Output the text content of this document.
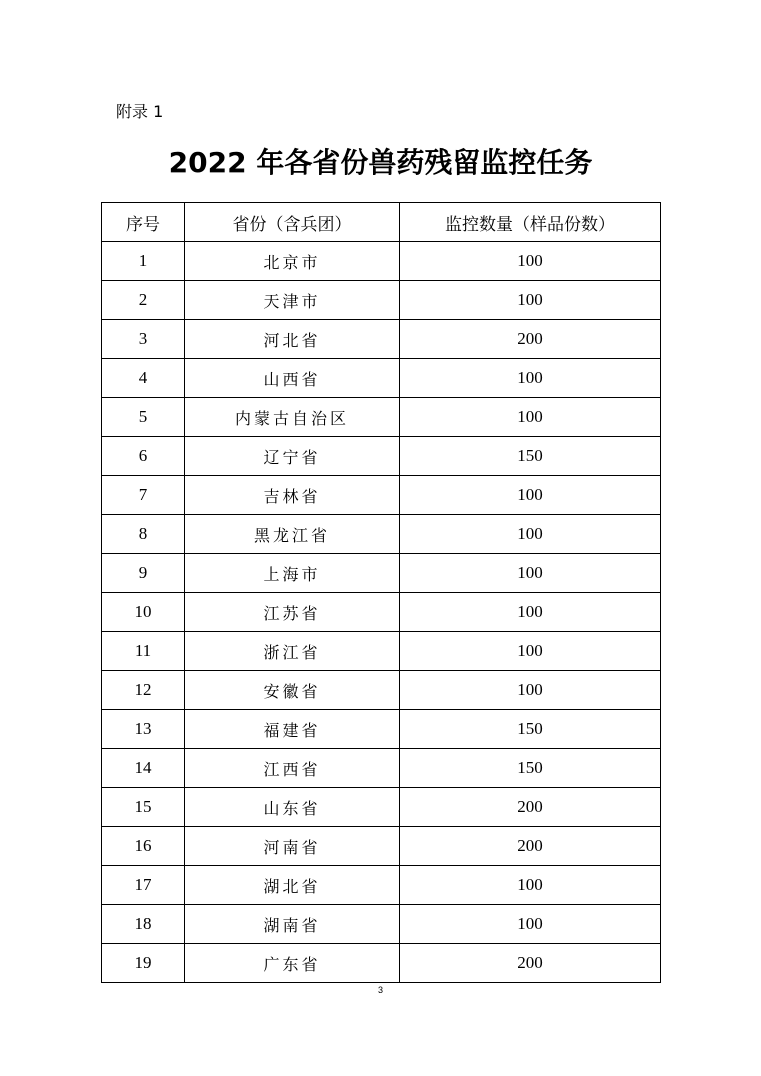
附录 1
2022 年各省份兽药残留监控任务
序号	省份（含兵团）	监控数量（样品份数）
1	北京市	100
2	天津市	100
3	河北省	200
4	山西省	100
5	内蒙古自治区	100
6	辽宁省	150
7	吉林省	100
8	黑龙江省	100
9	上海市	100
10	江苏省	100
11	浙江省	100
12	安徽省	100
13	福建省	150
14	江西省	150
15	山东省	200
16	河南省	200
17	湖北省	100
18	湖南省	100
19	广东省	200
3
